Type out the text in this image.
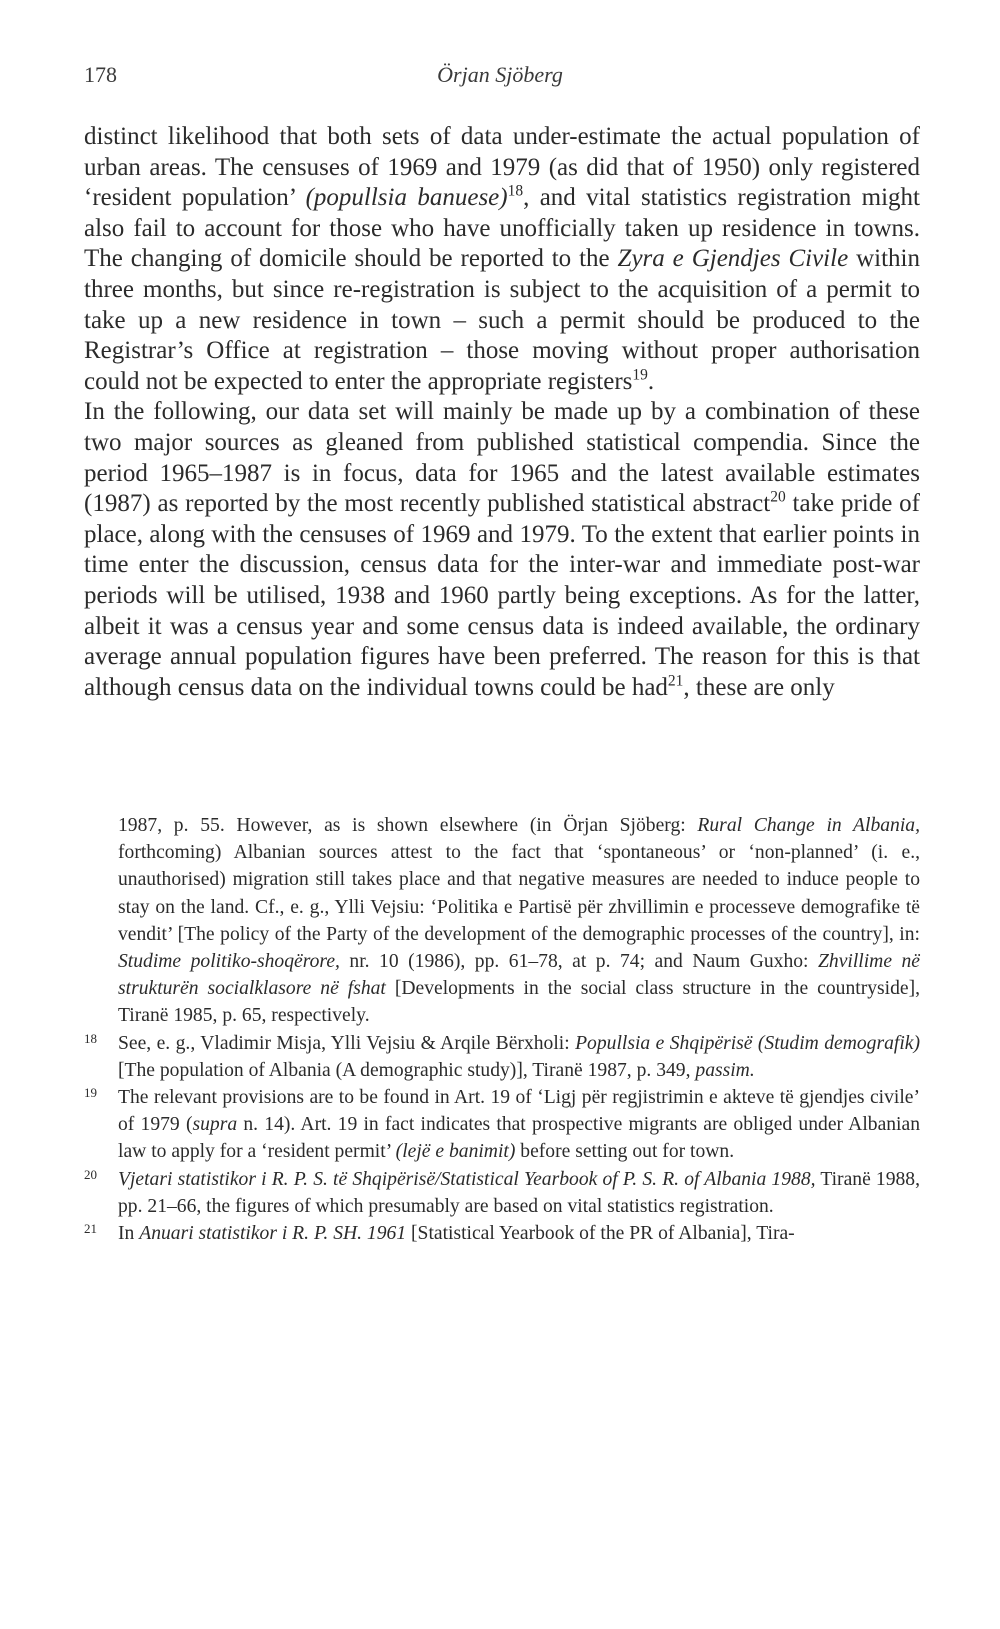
178	Örjan Sjöberg

distinct likelihood that both sets of data under-estimate the actual population of urban areas. The censuses of 1969 and 1979 (as did that of 1950) only registered ‘resident population’ (popullsia banuese)$^{18}$, and vital statistics registration might also fail to account for those who have unofficially taken up residence in towns. The changing of domicile should be reported to the Zyra e Gjendjes Civile within three months, but since re-registration is subject to the acquisition of a permit to take up a new residence in town – such a permit should be produced to the Registrar’s Office at registration – those moving without proper authorisation could not be expected to enter the appropriate registers$^{19}$.

In the following, our data set will mainly be made up by a combination of these two major sources as gleaned from published statistical compendia. Since the period 1965–1987 is in focus, data for 1965 and the latest available estimates (1987) as reported by the most recently published statistical abstract$^{20}$ take pride of place, along with the censuses of 1969 and 1979. To the extent that earlier points in time enter the discussion, census data for the inter-war and immediate post-war periods will be utilised, 1938 and 1960 partly being exceptions. As for the latter, albeit it was a census year and some census data is indeed available, the ordinary average annual population figures have been preferred. The reason for this is that although census data on the individual towns could be had$^{21}$, these are only

1987, p. 55. However, as is shown elsewhere (in Örjan Sjöberg: Rural Change in Albania, forthcoming) Albanian sources attest to the fact that ‘spontaneous’ or ‘non-planned’ (i. e., unauthorised) migration still takes place and that negative measures are needed to induce people to stay on the land. Cf., e. g., Ylli Vejsiu: ‘Politika e Partisë për zhvillimin e processeve demografike të vendit’ [The policy of the Party of the development of the demographic processes of the country], in: Studime politiko-shoqërore, nr. 10 (1986), pp. 61–78, at p. 74; and Naum Guxho: Zhvillime në strukturën socialklasore në fshat [Developments in the social class structure in the countryside], Tiranë 1985, p. 65, respectively.

18	See, e. g., Vladimir Misja, Ylli Vejsiu & Arqile Bërxholi: Popullsia e Shqipërisë (Studim demografik) [The population of Albania (A demographic study)], Tiranë 1987, p. 349, passim.

19	The relevant provisions are to be found in Art. 19 of ‘Ligj për regjistrimin e akteve të gjendjes civile’ of 1979 (supra n. 14). Art. 19 in fact indicates that prospective migrants are obliged under Albanian law to apply for a ‘resident permit’ (lejë e banimit) before setting out for town.

20	Vjetari statistikor i R. P. S. të Shqipërisë/Statistical Yearbook of P. S. R. of Albania 1988, Tiranë 1988, pp. 21–66, the figures of which presumably are based on vital statistics registration.

21	In Anuari statistikor i R. P. SH. 1961 [Statistical Yearbook of the PR of Albania], Tira-
